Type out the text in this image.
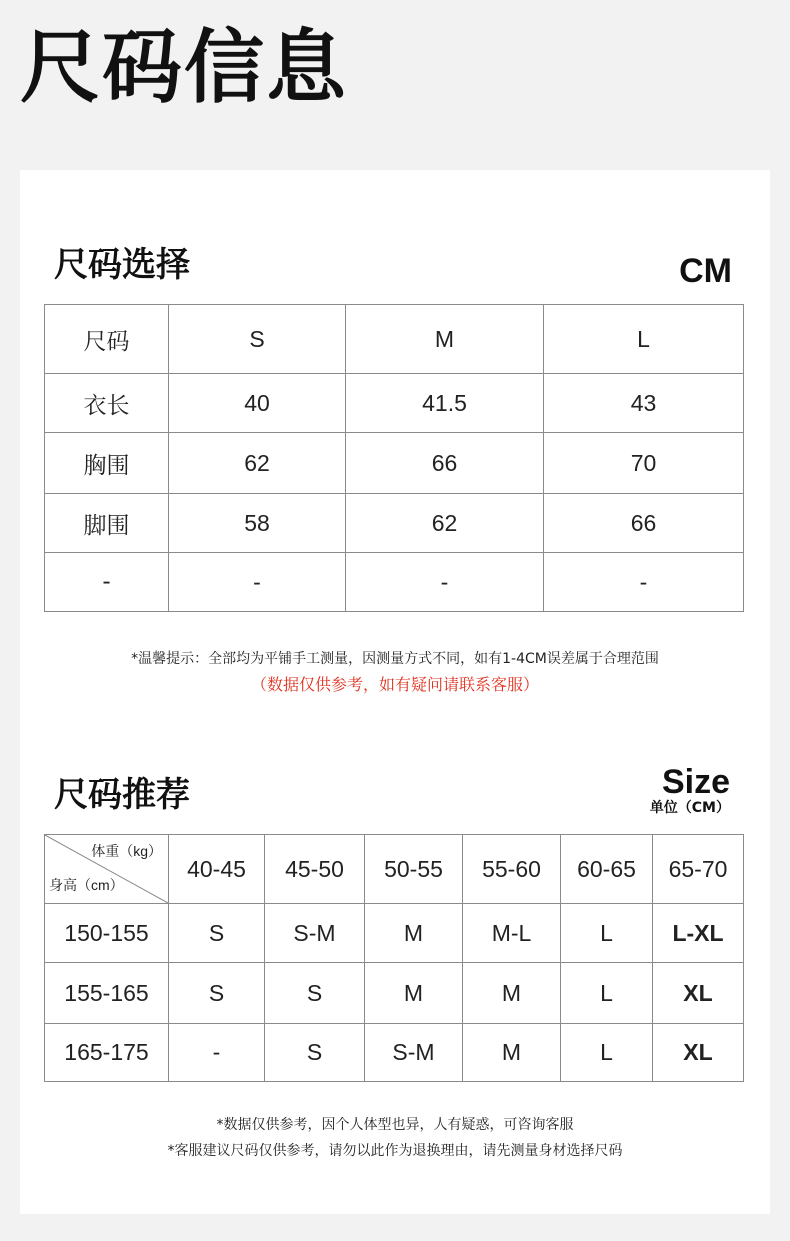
尺码信息
尺码选择	CM
尺码	S	M	L
衣长	40	41.5	43
胸围	62	66	70
脚围	58	62	66
-	-	-	-
*温馨提示：全部均为平铺手工测量，因测量方式不同，如有1-4CM误差属于合理范围
（数据仅供参考，如有疑问请联系客服）
尺码推荐	Size
单位（CM）
体重（kg）
身高（cm）	40-45	45-50	50-55	55-60	60-65	65-70
150-155	S	S-M	M	M-L	L	L-XL
155-165	S	S	M	M	L	XL
165-175	-	S	S-M	M	L	XL
*数据仅供参考，因个人体型也异，人有疑惑，可咨询客服
*客服建议尺码仅供参考，请勿以此作为退换理由，请先测量身材选择尺码
